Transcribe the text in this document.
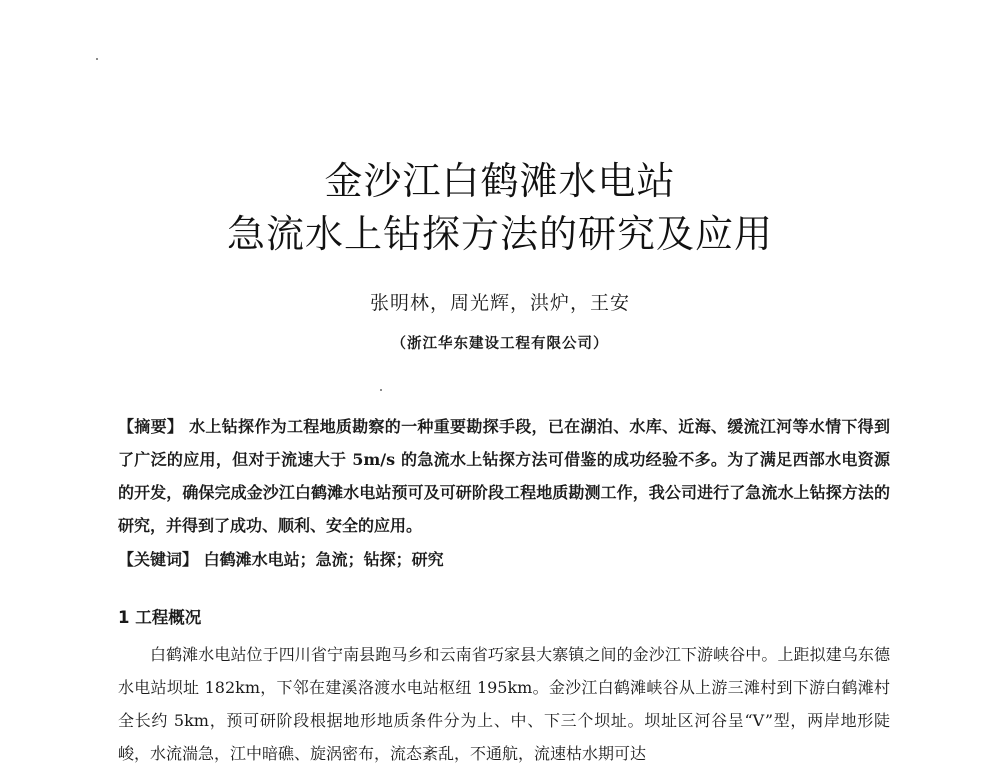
金沙江白鹤滩水电站
急流水上钻探方法的研究及应用
张明林，周光辉，洪炉，王安
（浙江华东建设工程有限公司）

【摘要】 水上钻探作为工程地质勘察的一种重要勘探手段，已在湖泊、水库、近海、缓流江河等水情下得到了广泛的应用，但对于流速大于 5m/s 的急流水上钻探方法可借鉴的成功经验不多。为了满足西部水电资源的开发，确保完成金沙江白鹤滩水电站预可及可研阶段工程地质勘测工作，我公司进行了急流水上钻探方法的研究，并得到了成功、顺利、安全的应用。

【关键词】 白鹤滩水电站；急流；钻探；研究

1 工程概况

白鹤滩水电站位于四川省宁南县跑马乡和云南省巧家县大寨镇之间的金沙江下游峡谷中。上距拟建乌东德水电站坝址 182km，下邻在建溪洛渡水电站枢纽 195km。金沙江白鹤滩峡谷从上游三滩村到下游白鹤滩村全长约 5km，预可研阶段根据地形地质条件分为上、中、下三个坝址。坝址区河谷呈“V”型，两岸地形陡峻，水流湍急，江中暗礁、旋涡密布，流态紊乱，不通航，流速枯水期可达
